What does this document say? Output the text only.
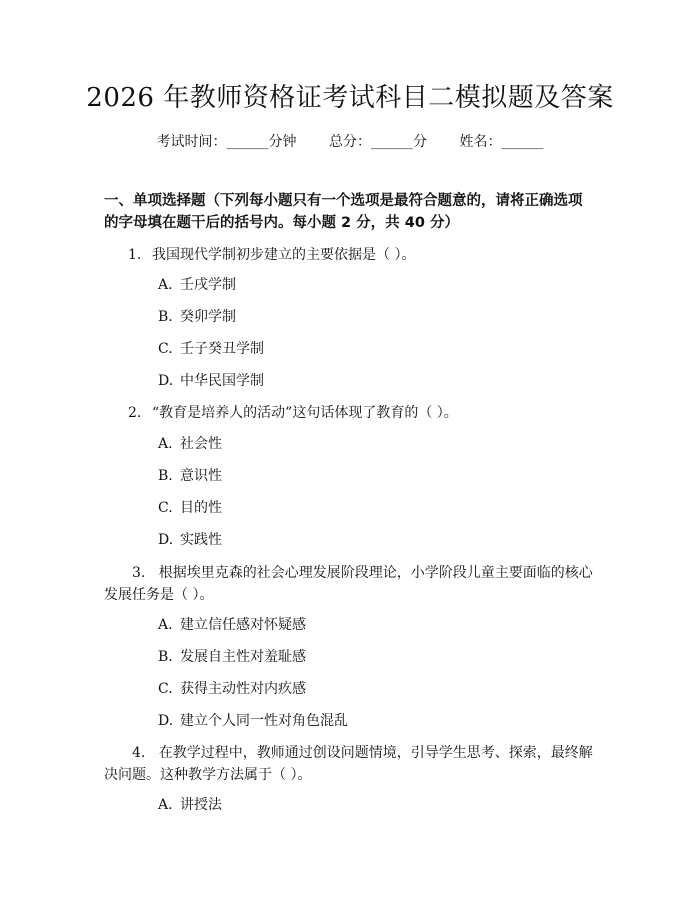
2026 年教师资格证考试科目二模拟题及答案
考试时间：______分钟 总分：______分 姓名：______
一、单项选择题（下列每小题只有一个选项是最符合题意的，请将正确选项的字母填在题干后的括号内。每小题 2 分，共 40 分）
1. 我国现代学制初步建立的主要依据是（ ）。
A. 壬戌学制
B. 癸卯学制
C. 壬子癸丑学制
D. 中华民国学制
2. “教育是培养人的活动”这句话体现了教育的（ ）。
A. 社会性
B. 意识性
C. 目的性
D. 实践性
3. 根据埃里克森的社会心理发展阶段理论，小学阶段儿童主要面临的核心发展任务是（ ）。
A. 建立信任感对怀疑感
B. 发展自主性对羞耻感
C. 获得主动性对内疚感
D. 建立个人同一性对角色混乱
4. 在教学过程中，教师通过创设问题情境，引导学生思考、探索，最终解决问题。这种教学方法属于（ ）。
A. 讲授法
